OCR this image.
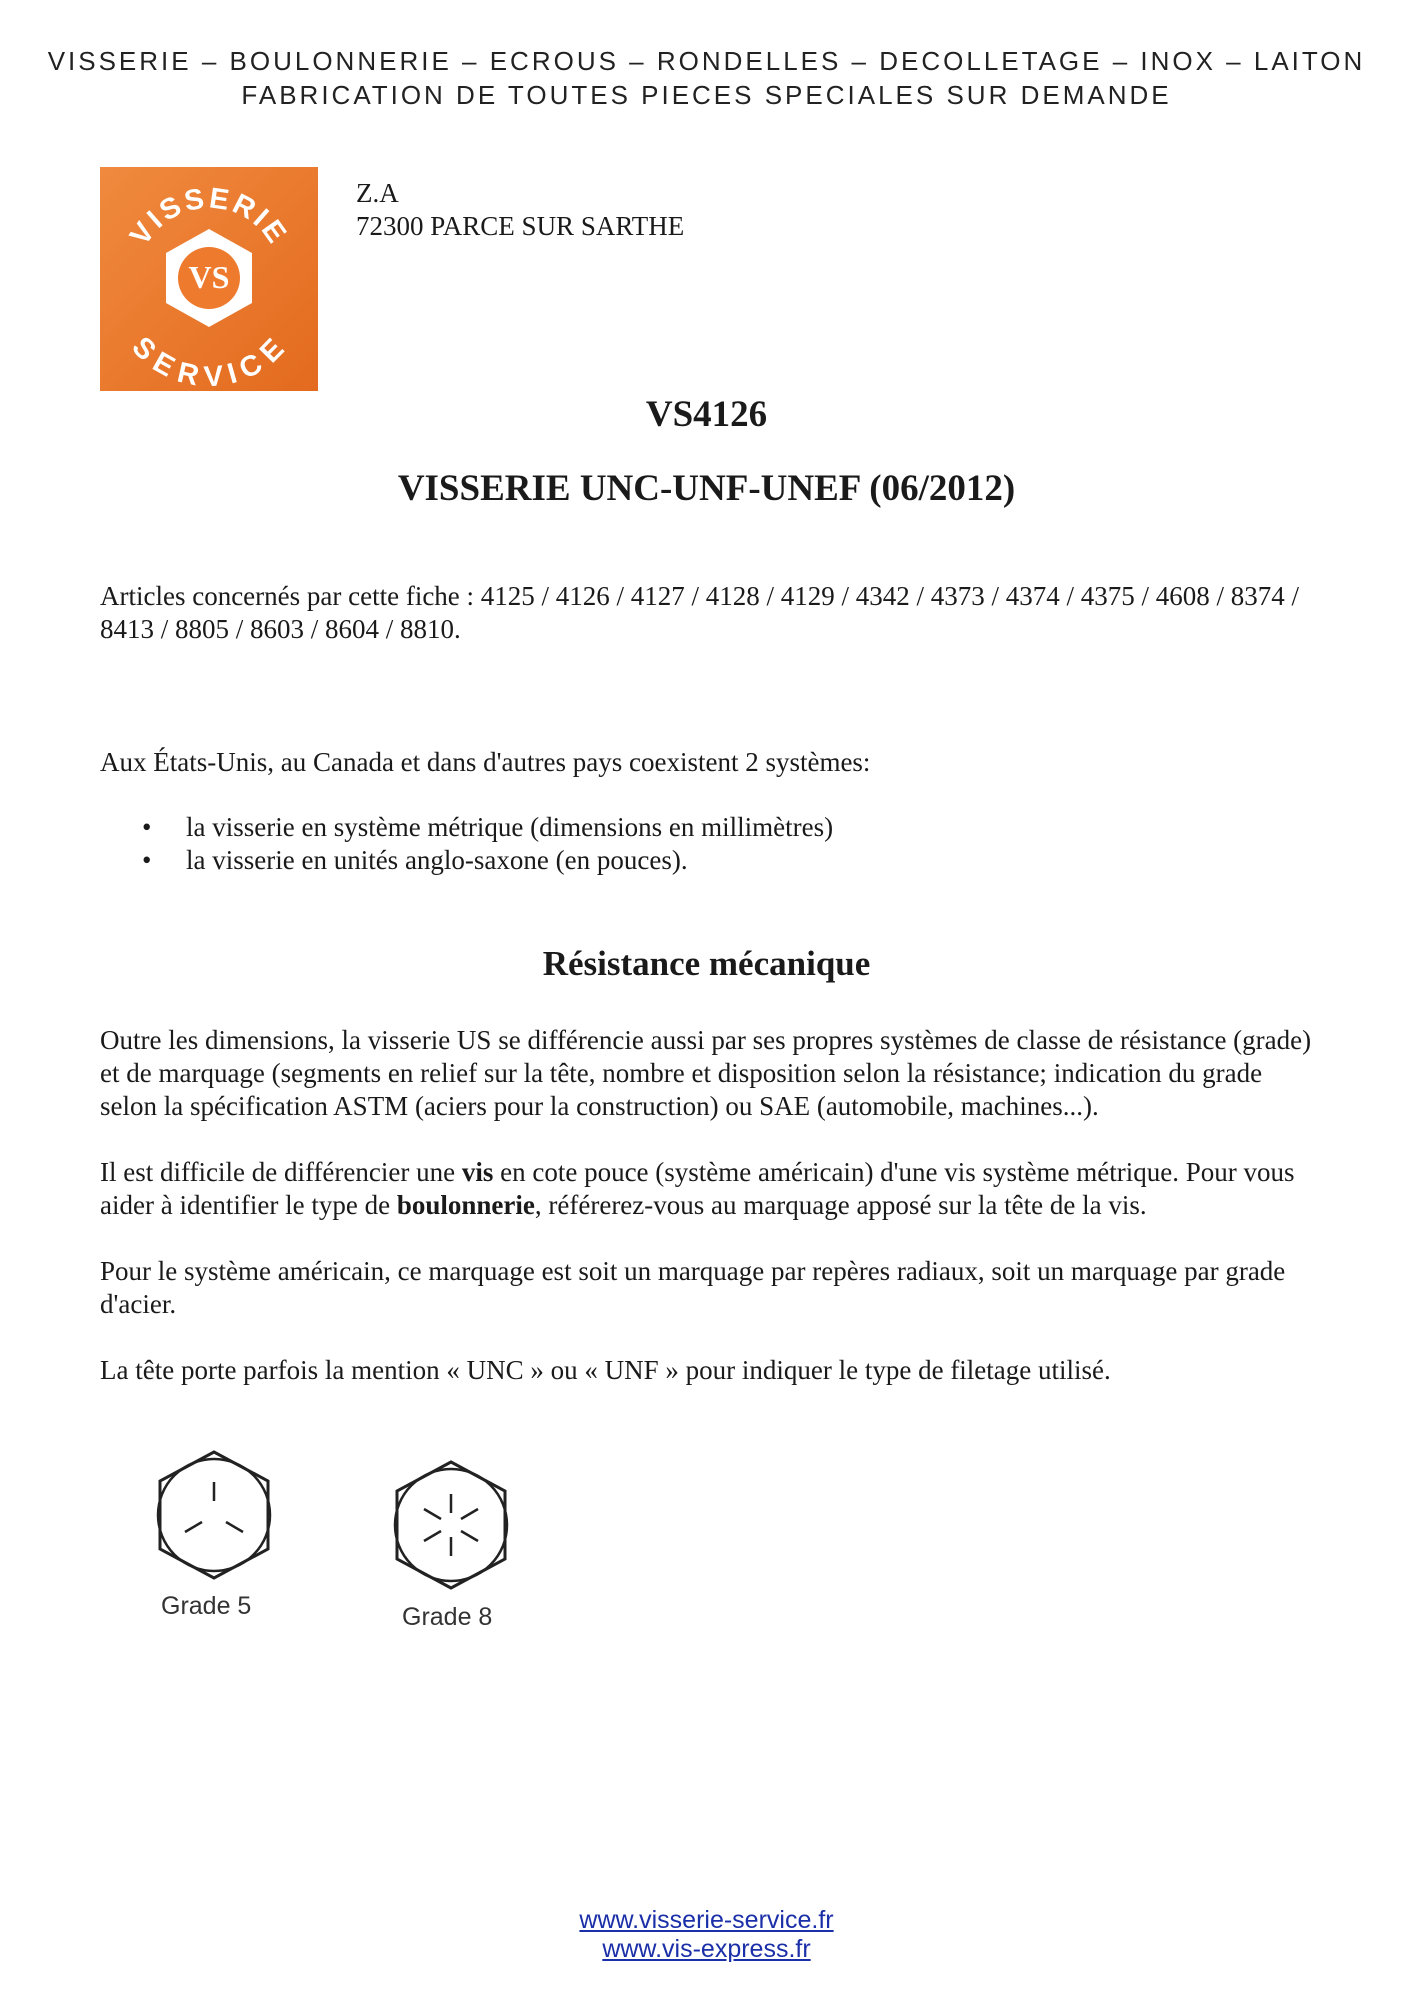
VISSERIE – BOULONNERIE – ECROUS – RONDELLES – DECOLLETAGE – INOX – LAITON
FABRICATION DE TOUTES PIECES SPECIALES SUR DEMANDE
VISSERIE
SERVICE
VS
Z.A
72300 PARCE SUR SARTHE
VS4126
VISSERIE UNC-UNF-UNEF (06/2012)
Articles concernés par cette fiche : 4125 / 4126 / 4127 / 4128 / 4129 / 4342 / 4373 / 4374 / 4375 / 4608 / 8374 / 8413 / 8805 / 8603 / 8604 / 8810.
Aux États-Unis, au Canada et dans d'autres pays coexistent 2 systèmes:
• la visserie en système métrique (dimensions en millimètres)
• la visserie en unités anglo-saxone (en pouces).
Résistance mécanique
Outre les dimensions, la visserie US se différencie aussi par ses propres systèmes de classe de résistance (grade) et de marquage (segments en relief sur la tête, nombre et disposition selon la résistance; indication du grade selon la spécification ASTM (aciers pour la construction) ou SAE (automobile, machines...).
Il est difficile de différencier une vis en cote pouce (système américain) d'une vis système métrique. Pour vous aider à identifier le type de boulonnerie, référerez-vous au marquage apposé sur la tête de la vis.
Pour le système américain, ce marquage est soit un marquage par repères radiaux, soit un marquage par grade d'acier.
La tête porte parfois la mention « UNC » ou « UNF » pour indiquer le type de filetage utilisé.
Grade 5	Grade 8
www.visserie-service.fr
www.vis-express.fr
